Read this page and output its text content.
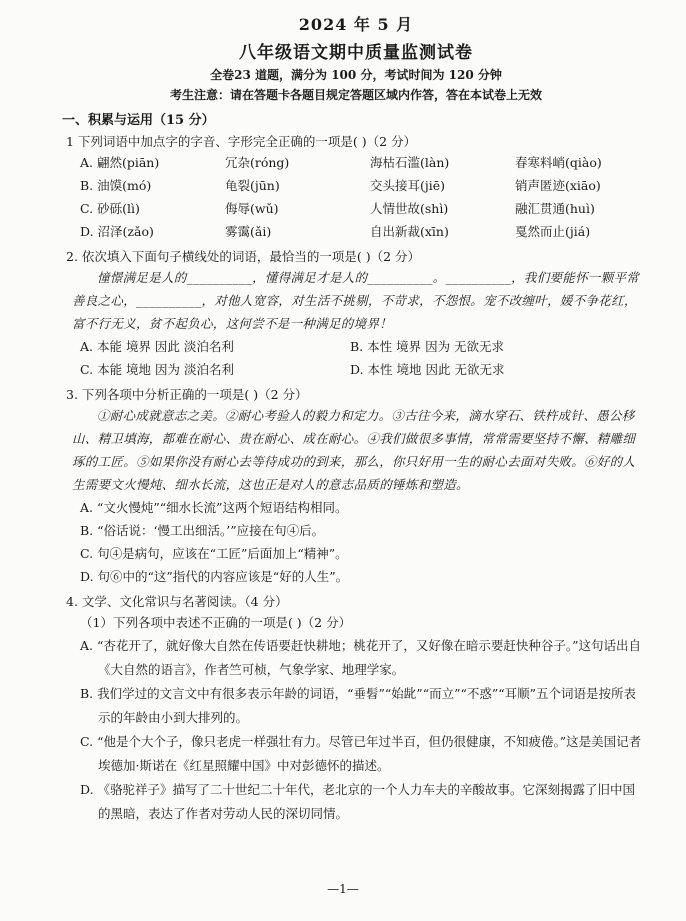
2024 年 5 月
八年级语文期中质量监测试卷
全卷23 道题，满分为 100 分，考试时间为 120 分钟
考生注意：请在答题卡各题目规定答题区域内作答，答在本试卷上无效
一、积累与运用（15 分）
1 下列词语中加点字的字音、字形完全正确的一项是( )（2 分）
A. 翩然(piān)	冗杂(róng)	海枯石滥(làn)	春寒料峭(qiào)
B. 油馍(mó)	龟裂(jūn)	交头接耳(jiē)	销声匿迹(xiāo)
C. 砂砾(lì)	侮辱(wǔ)	人情世故(shì)	融汇贯通(huì)
D. 沼泽(zǎo)	雾霭(ǎi)	自出新裁(xīn)	戛然而止(jiá)
2. 依次填入下面句子横线处的词语，最恰当的一项是( )（2 分）
憧憬满足是人的__________，懂得满足才是人的__________。__________，我们要能怀一颗平常善良之心，__________，对他人宽容，对生活不挑剔，不苛求，不怨恨。宠不改缠叶，媛不争花红，富不行无义，贫不起负心，这何尝不是一种满足的境界！
A. 本能 境界 因此 淡泊名利	B. 本性 境界 因为 无欲无求
C. 本能 境地 因为 淡泊名利	D. 本性 境地 因此 无欲无求
3. 下列各项中分析正确的一项是( )（2 分）
①耐心成就意志之美。②耐心考验人的毅力和定力。③古往今来，滴水穿石、铁杵成针、愚公移山、精卫填海，都难在耐心、贵在耐心、成在耐心。④我们做很多事情，常常需要坚持不懈、精雕细琢的工匠。⑤如果你没有耐心去等待成功的到来，那么，你只好用一生的耐心去面对失败。⑥好的人生需要文火慢炖、细水长流，这也正是对人的意志品质的锤炼和塑造。
A. “文火慢炖”“细水长流”这两个短语结构相同。
B. “俗话说：‘慢工出细活。’”应接在句④后。
C. 句④是病句，应该在“工匠”后面加上“精神”。
D. 句⑥中的“这”指代的内容应该是“好的人生”。
4. 文学、文化常识与名著阅读。（4 分）
（1）下列各项中表述不正确的一项是( )（2 分）
A. “杏花开了，就好像大自然在传语要赶快耕地；桃花开了，又好像在暗示要赶快种谷子。”这句话出自《大自然的语言》，作者竺可桢，气象学家、地理学家。
B. 我们学过的文言文中有很多表示年龄的词语，“垂髫”“始龀”“而立”“不惑”“耳顺”五个词语是按所表示的年龄由小到大排列的。
C. “他是个大个子，像只老虎一样强壮有力。尽管已年过半百，但仍很健康，不知疲倦。”这是美国记者埃德加·斯诺在《红星照耀中国》中对彭德怀的描述。
D. 《骆驼祥子》描写了二十世纪二十年代，老北京的一个人力车夫的辛酸故事。它深刻揭露了旧中国的黑暗，表达了作者对劳动人民的深切同情。
—1—
